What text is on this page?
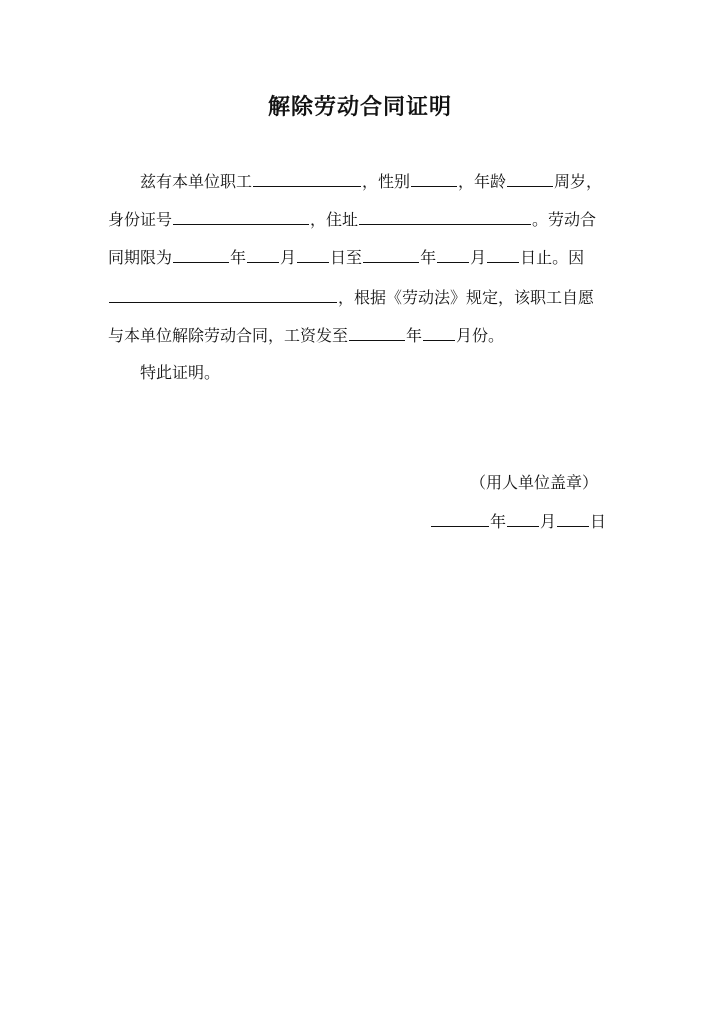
解除劳动合同证明
兹有本单位职工	，性别	，年龄	周岁，
身份证号	，住址	。劳动合
同期限为	年 月 日至	年 月 日止。因
，根据《劳动法》规定，该职工自愿
与本单位解除劳动合同，工资发至	年 月份。
特此证明。
（用人单位盖章）
年 月 日
